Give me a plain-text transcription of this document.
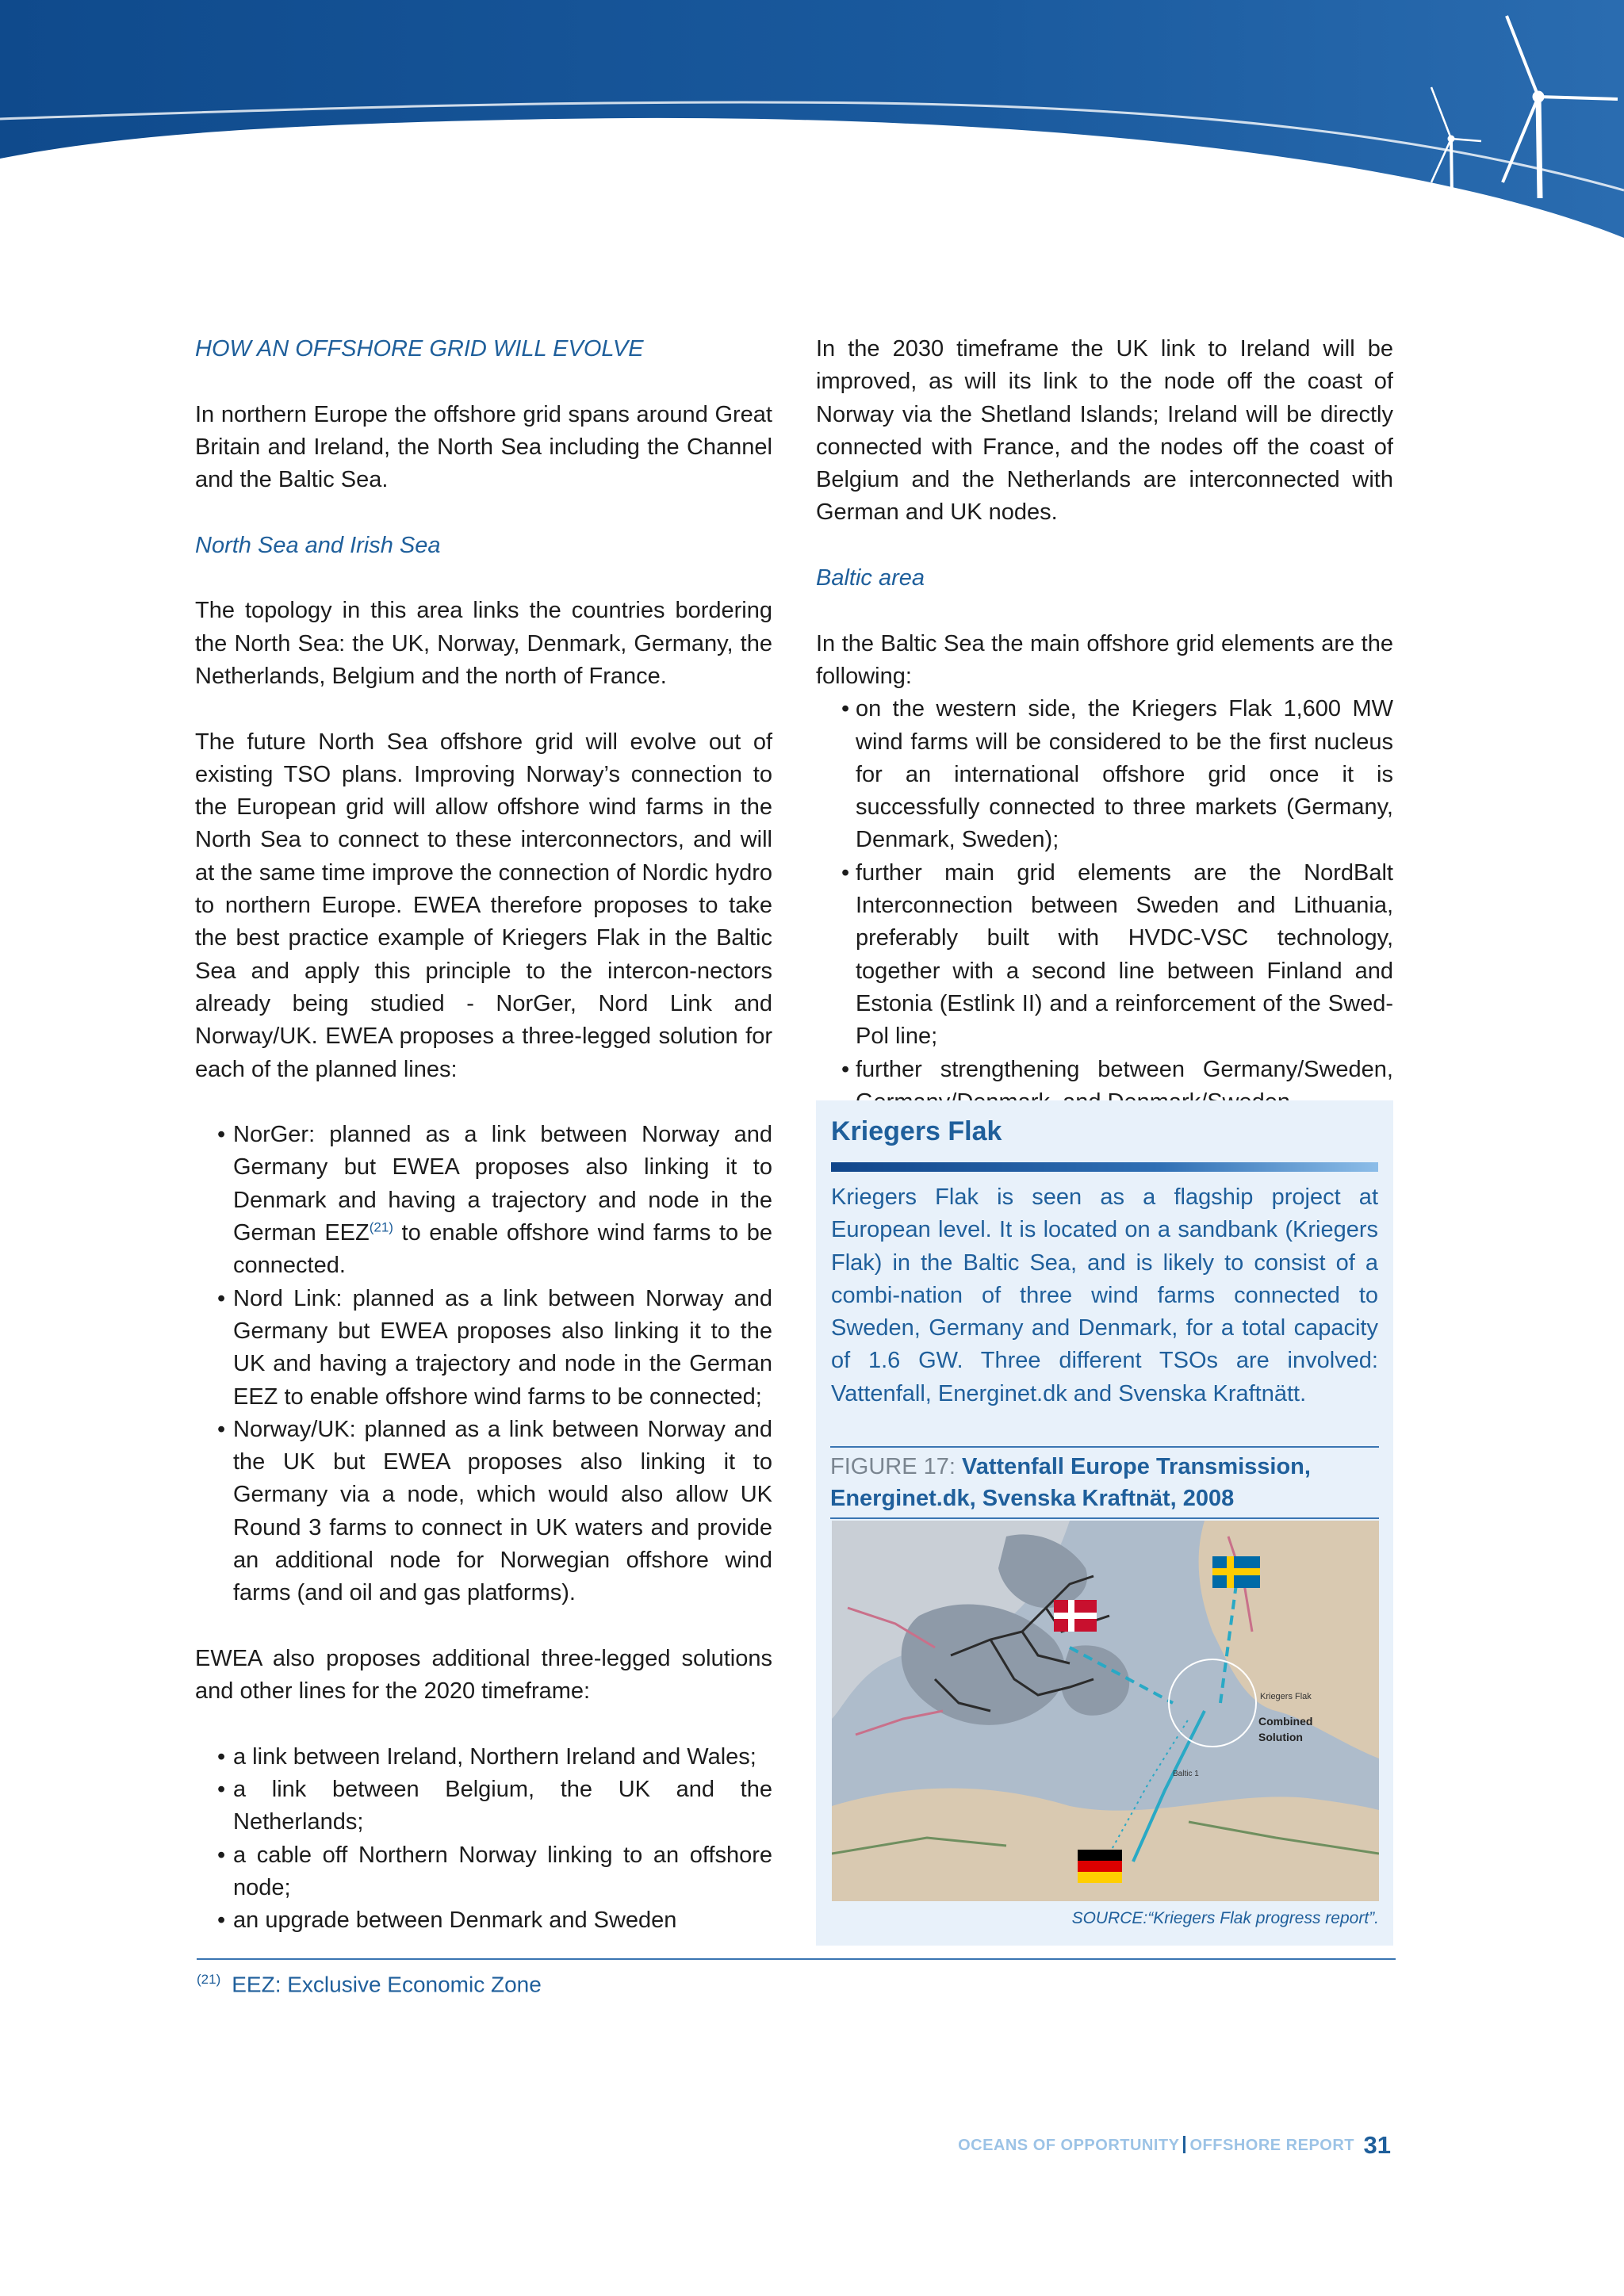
HOW AN OFFSHORE GRID WILL EVOLVE

In northern Europe the offshore grid spans around Great Britain and Ireland, the North Sea including the Channel and the Baltic Sea.

North Sea and Irish Sea

The topology in this area links the countries bordering the North Sea: the UK, Norway, Denmark, Germany, the Netherlands, Belgium and the north of France.

The future North Sea offshore grid will evolve out of existing TSO plans. Improving Norway’s connection to the European grid will allow offshore wind farms in the North Sea to connect to these interconnectors, and will at the same time improve the connection of Nordic hydro to northern Europe. EWEA therefore proposes to take the best practice example of Kriegers Flak in the Baltic Sea and apply this principle to the intercon-nectors already being studied - NorGer, Nord Link and Norway/UK. EWEA proposes a three-legged solution for each of the planned lines:

• NorGer: planned as a link between Norway and Germany but EWEA proposes also linking it to Denmark and having a trajectory and node in the German EEZ$^{(21)}$ to enable offshore wind farms to be connected.
• Nord Link: planned as a link between Norway and Germany but EWEA proposes also linking it to the UK and having a trajectory and node in the German EEZ to enable offshore wind farms to be connected;
• Norway/UK: planned as a link between Norway and the UK but EWEA proposes also linking it to Germany via a node, which would also allow UK Round 3 farms to connect in UK waters and provide an additional node for Norwegian offshore wind farms (and oil and gas platforms).

EWEA also proposes additional three-legged solutions and other lines for the 2020 timeframe:

• a link between Ireland, Northern Ireland and Wales;
• a link between Belgium, the UK and the Netherlands;
• a cable off Northern Norway linking to an offshore node;
• an upgrade between Denmark and Sweden

In the 2030 timeframe the UK link to Ireland will be improved, as will its link to the node off the coast of Norway via the Shetland Islands; Ireland will be directly connected with France, and the nodes off the coast of Belgium and the Netherlands are interconnected with German and UK nodes.

Baltic area

In the Baltic Sea the main offshore grid elements are the following:

• on the western side, the Kriegers Flak 1,600 MW wind farms will be considered to be the first nucleus for an international offshore grid once it is successfully connected to three markets (Germany, Denmark, Sweden);
• further main grid elements are the NordBalt Interconnection between Sweden and Lithuania, preferably built with HVDC-VSC technology, together with a second line between Finland and Estonia (Estlink II) and a reinforcement of the Swed-Pol line;
• further strengthening between Germany/Sweden,
Kriegers Flak
Kriegers Flak is seen as a flagship project at European level. It is located on a sandbank (Kriegers Flak) in the Baltic Sea, and is likely to consist of a combi-nation of three wind farms connected to Sweden, Germany and Denmark, for a total capacity of 1.6 GW. Three different TSOs are involved: Vattenfall, Energinet.dk and Svenska Kraftnätt.
FIGURE 17: Vattenfall Europe Transmission, Energinet.dk, Svenska Kraftnät, 2008
Kriegers Flak
Combined
Solution
Baltic 1
SOURCE:“Kriegers Flak progress report”.
$^{(21)}$ EEZ: Exclusive Economic Zone
OCEANS OF OPPORTUNITY OFFSHORE REPORT 31
